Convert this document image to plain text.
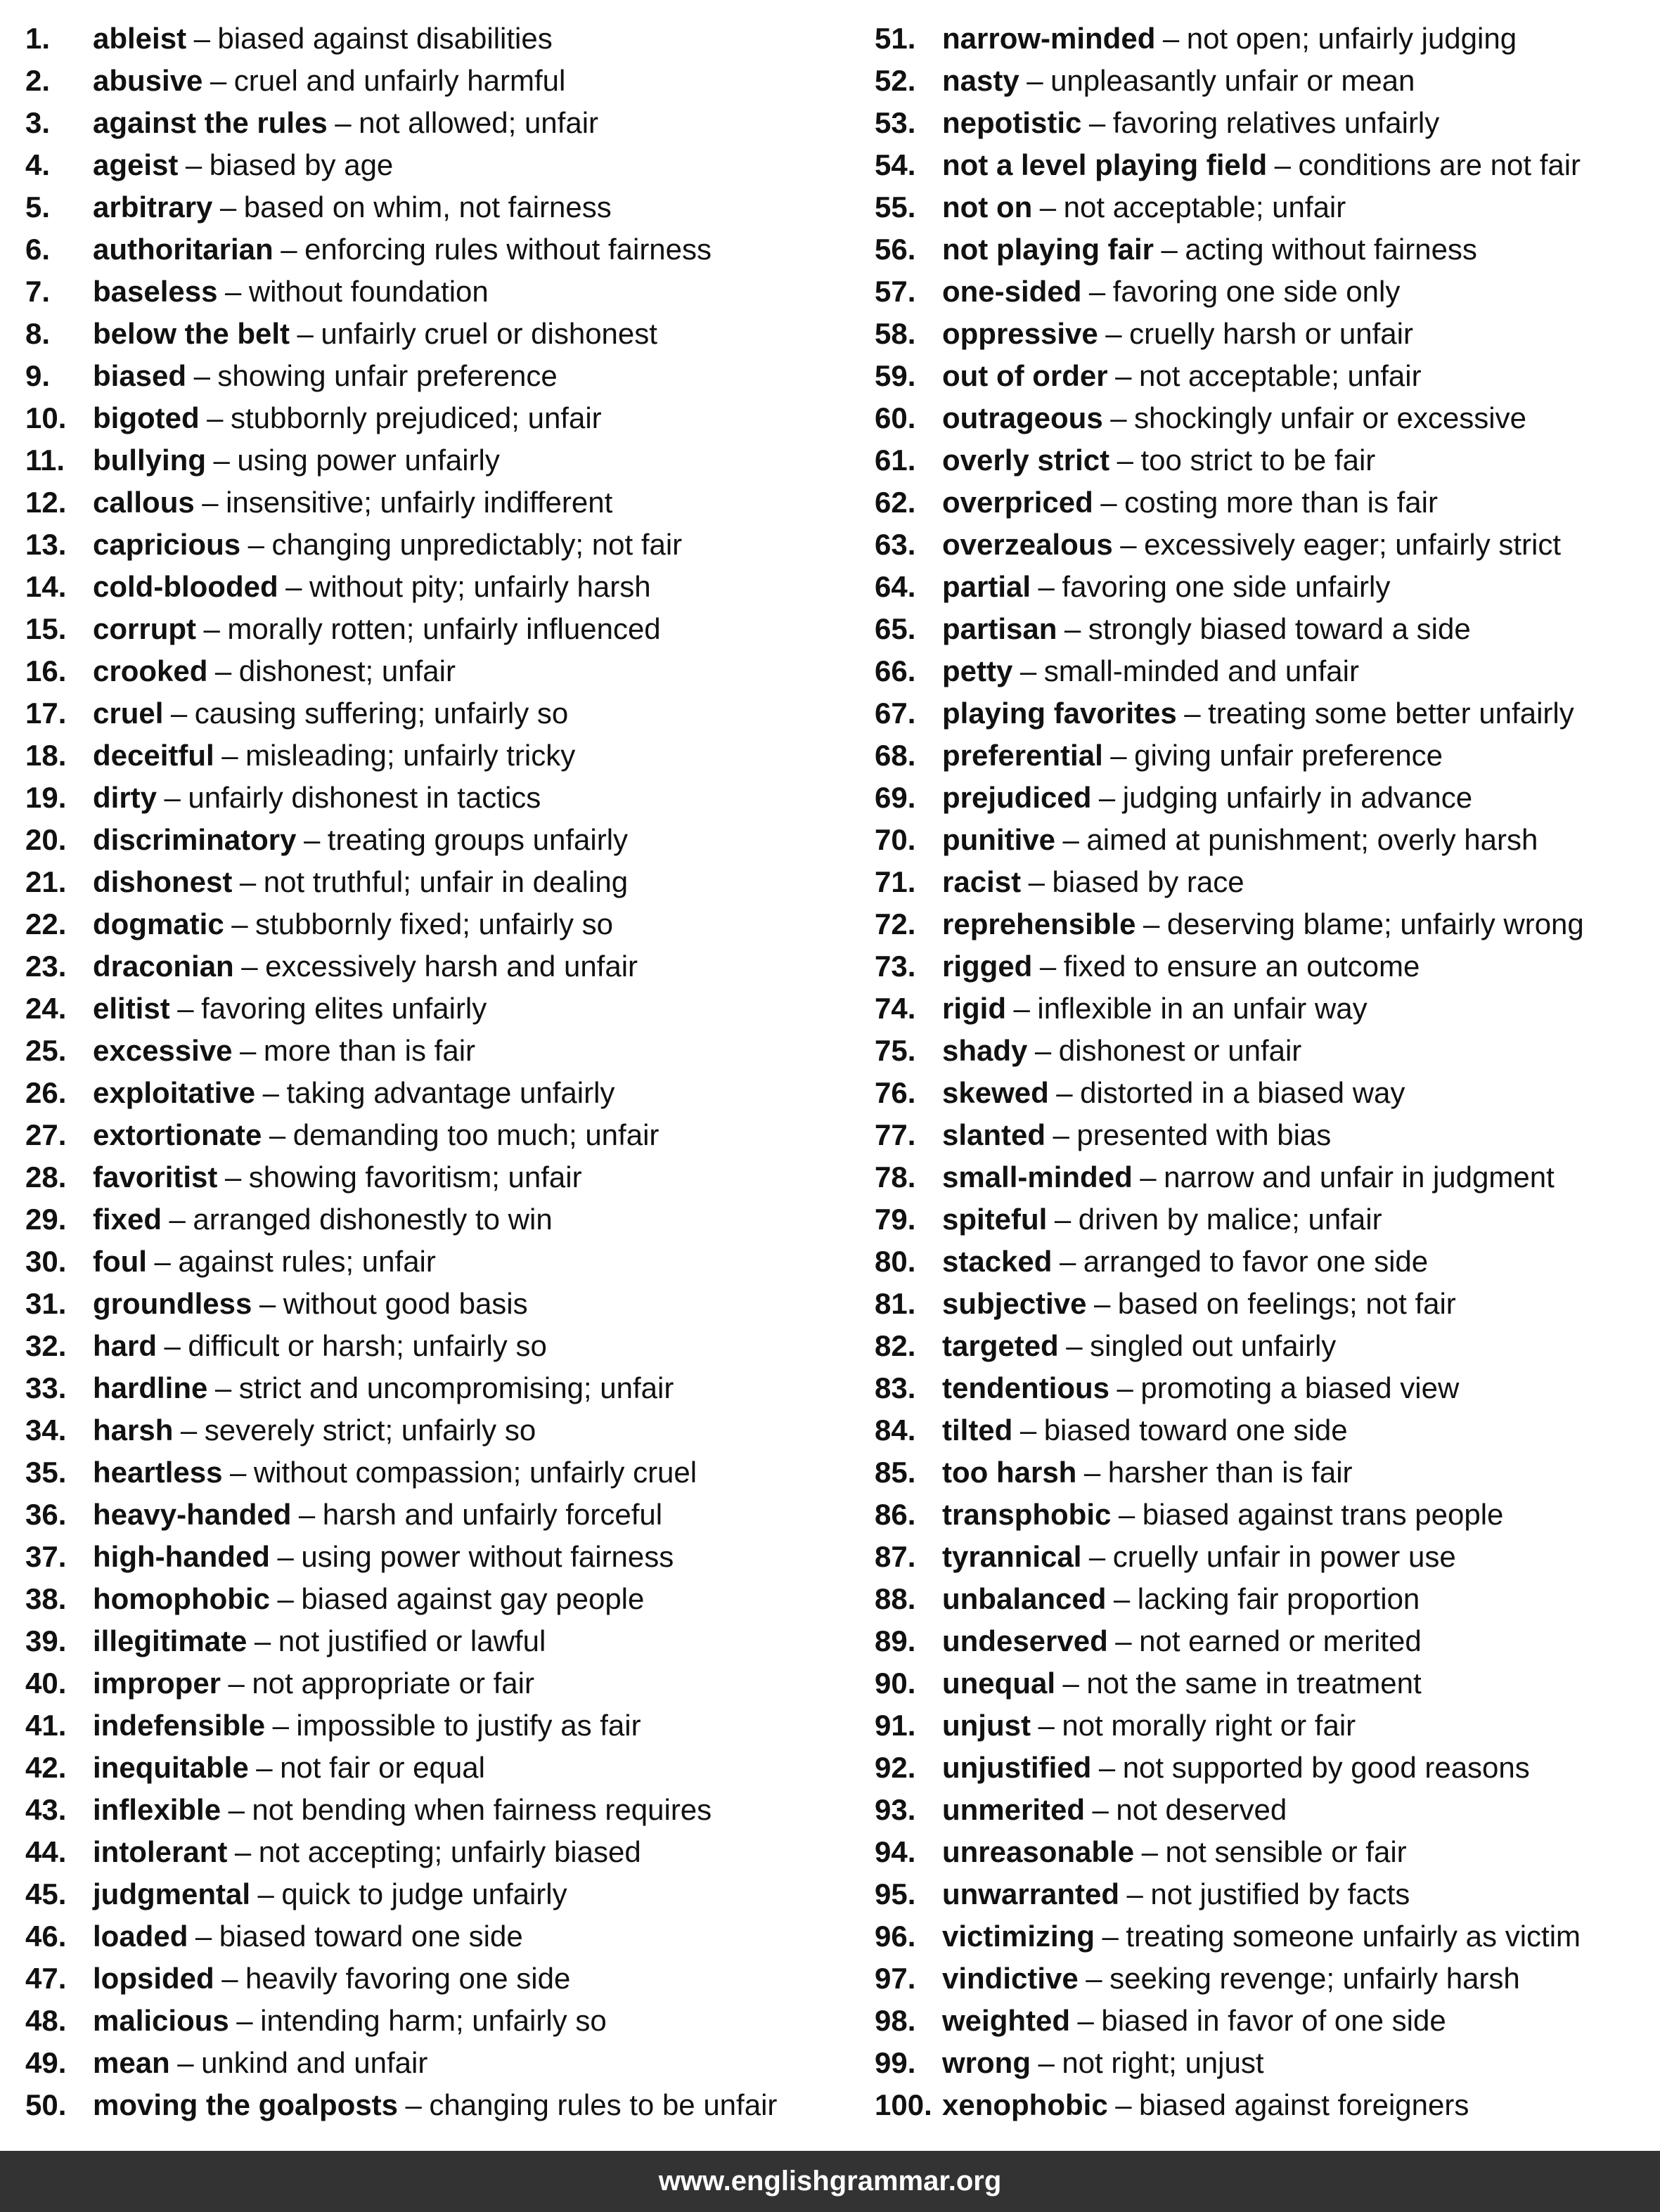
1.	ableist – biased against disabilities
2.	abusive – cruel and unfairly harmful
3.	against the rules – not allowed; unfair
4.	ageist – biased by age
5.	arbitrary – based on whim, not fairness
6.	authoritarian – enforcing rules without fairness
7.	baseless – without foundation
8.	below the belt – unfairly cruel or dishonest
9.	biased – showing unfair preference
10. bigoted – stubbornly prejudiced; unfair
11. bullying – using power unfairly
12. callous – insensitive; unfairly indifferent
13. capricious – changing unpredictably; not fair
14. cold-blooded – without pity; unfairly harsh
15. corrupt – morally rotten; unfairly influenced
16. crooked – dishonest; unfair
17. cruel – causing suffering; unfairly so
18. deceitful – misleading; unfairly tricky
19. dirty – unfairly dishonest in tactics
20. discriminatory – treating groups unfairly
21. dishonest – not truthful; unfair in dealing
22. dogmatic – stubbornly fixed; unfairly so
23. draconian – excessively harsh and unfair
24. elitist – favoring elites unfairly
25. excessive – more than is fair
26. exploitative – taking advantage unfairly
27. extortionate – demanding too much; unfair
28. favoritist – showing favoritism; unfair
29. fixed – arranged dishonestly to win
30. foul – against rules; unfair
31. groundless – without good basis
32. hard – difficult or harsh; unfairly so
33. hardline – strict and uncompromising; unfair
34. harsh – severely strict; unfairly so
35. heartless – without compassion; unfairly cruel
36. heavy-handed – harsh and unfairly forceful
37. high-handed – using power without fairness
38. homophobic – biased against gay people
39. illegitimate – not justified or lawful
40. improper – not appropriate or fair
41. indefensible – impossible to justify as fair
42. inequitable – not fair or equal
43. inflexible – not bending when fairness requires
44. intolerant – not accepting; unfairly biased
45. judgmental – quick to judge unfairly
46. loaded – biased toward one side
47. lopsided – heavily favoring one side
48. malicious – intending harm; unfairly so
49. mean – unkind and unfair
50. moving the goalposts – changing rules to be unfair
51. narrow-minded – not open; unfairly judging
52. nasty – unpleasantly unfair or mean
53. nepotistic – favoring relatives unfairly
54. not a level playing field – conditions are not fair
55. not on – not acceptable; unfair
56. not playing fair – acting without fairness
57. one-sided – favoring one side only
58. oppressive – cruelly harsh or unfair
59. out of order – not acceptable; unfair
60. outrageous – shockingly unfair or excessive
61. overly strict – too strict to be fair
62. overpriced – costing more than is fair
63. overzealous – excessively eager; unfairly strict
64. partial – favoring one side unfairly
65. partisan – strongly biased toward a side
66. petty – small-minded and unfair
67. playing favorites – treating some better unfairly
68. preferential – giving unfair preference
69. prejudiced – judging unfairly in advance
70. punitive – aimed at punishment; overly harsh
71. racist – biased by race
72. reprehensible – deserving blame; unfairly wrong
73. rigged – fixed to ensure an outcome
74. rigid – inflexible in an unfair way
75. shady – dishonest or unfair
76. skewed – distorted in a biased way
77. slanted – presented with bias
78. small-minded – narrow and unfair in judgment
79. spiteful – driven by malice; unfair
80. stacked – arranged to favor one side
81. subjective – based on feelings; not fair
82. targeted – singled out unfairly
83. tendentious – promoting a biased view
84. tilted – biased toward one side
85. too harsh – harsher than is fair
86. transphobic – biased against trans people
87. tyrannical – cruelly unfair in power use
88. unbalanced – lacking fair proportion
89. undeserved – not earned or merited
90. unequal – not the same in treatment
91. unjust – not morally right or fair
92. unjustified – not supported by good reasons
93. unmerited – not deserved
94. unreasonable – not sensible or fair
95. unwarranted – not justified by facts
96. victimizing – treating someone unfairly as victim
97. vindictive – seeking revenge; unfairly harsh
98. weighted – biased in favor of one side
99. wrong – not right; unjust
100. xenophobic – biased against foreigners
www.englishgrammar.org
